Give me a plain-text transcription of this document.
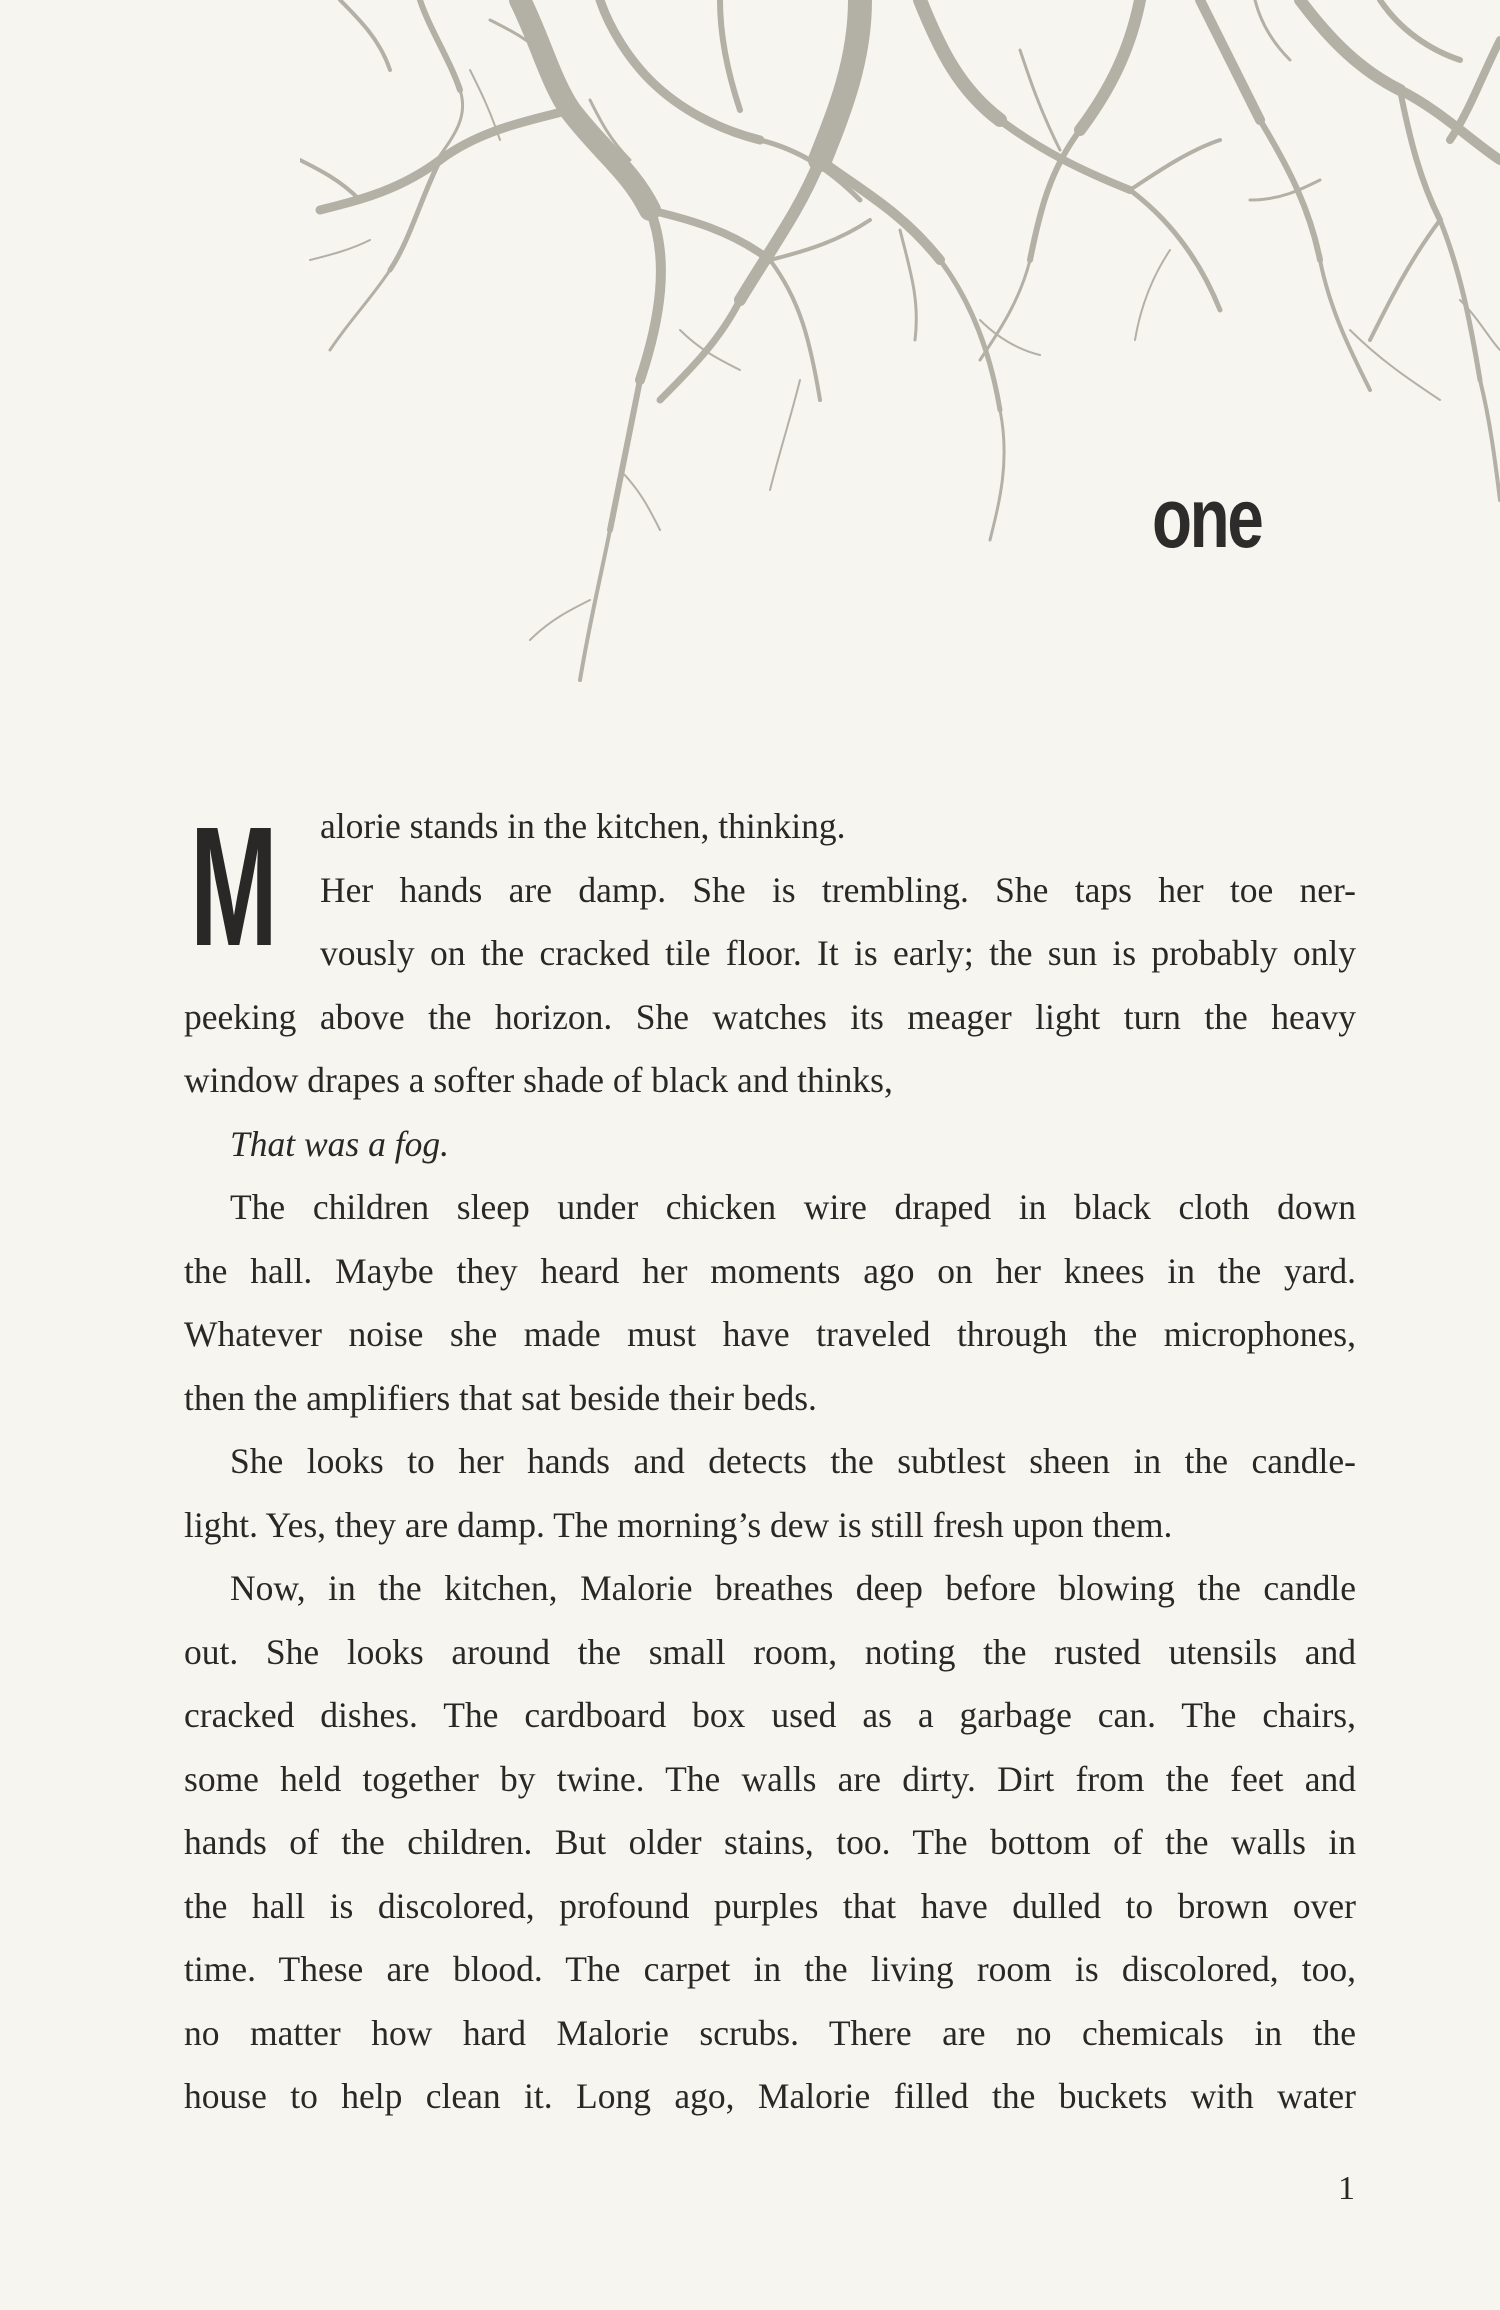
one
M	alorie stands in the kitchen, thinking.
Her hands are damp. She is trembling. She taps her toe ner-
vously on the cracked tile floor. It is early; the sun is probably only
peeking above the horizon. She watches its meager light turn the heavy
window drapes a softer shade of black and thinks,
That was a fog.
The children sleep under chicken wire draped in black cloth down
the hall. Maybe they heard her moments ago on her knees in the yard.
Whatever noise she made must have traveled through the microphones,
then the amplifiers that sat beside their beds.
She looks to her hands and detects the subtlest sheen in the candle-
light. Yes, they are damp. The morning’s dew is still fresh upon them.
Now, in the kitchen, Malorie breathes deep before blowing the candle
out. She looks around the small room, noting the rusted utensils and
cracked dishes. The cardboard box used as a garbage can. The chairs,
some held together by twine. The walls are dirty. Dirt from the feet and
hands of the children. But older stains, too. The bottom of the walls in
the hall is discolored, profound purples that have dulled to brown over
time. These are blood. The carpet in the living room is discolored, too,
no matter how hard Malorie scrubs. There are no chemicals in the
house to help clean it. Long ago, Malorie filled the buckets with water
1
